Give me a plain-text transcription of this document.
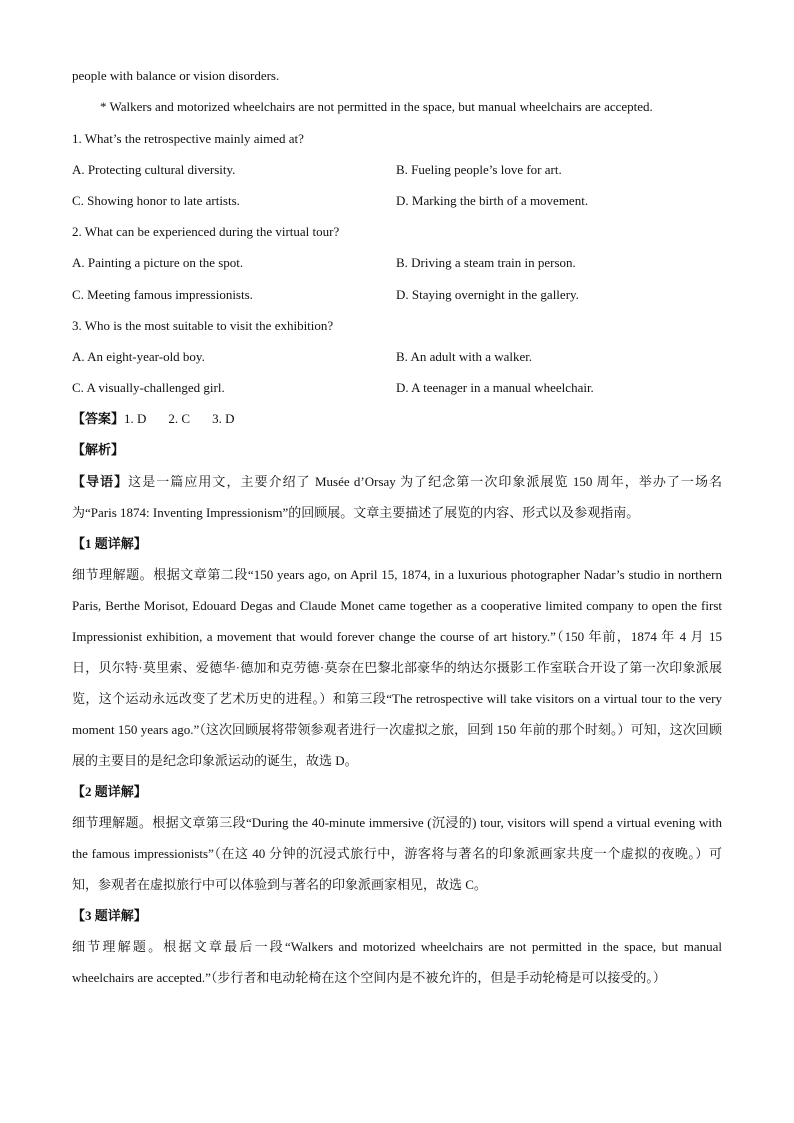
people with balance or vision disorders.
* Walkers and motorized wheelchairs are not permitted in the space, but manual wheelchairs are accepted.
1. What’s the retrospective mainly aimed at?
A. Protecting cultural diversity.	B. Fueling people’s love for art.
C. Showing honor to late artists.	D. Marking the birth of a movement.
2. What can be experienced during the virtual tour?
A. Painting a picture on the spot.	B. Driving a steam train in person.
C. Meeting famous impressionists.	D. Staying overnight in the gallery.
3. Who is the most suitable to visit the exhibition?
A. An eight-year-old boy.	B. An adult with a walker.
C. A visually-challenged girl.	D. A teenager in a manual wheelchair.
【答案】1. D 2. C 3. D
【解析】

【导语】这是一篇应用文，主要介绍了 Musée d’Orsay 为了纪念第一次印象派展览 150 周年，举办了一场名为“Paris 1874: Inventing Impressionism”的回顾展。文章主要描述了展览的内容、形式以及参观指南。

【1 题详解】

细节理解题。根据文章第二段“150 years ago, on April 15, 1874, in a luxurious photographer Nadar’s studio in northern Paris, Berthe Morisot, Edouard Degas and Claude Monet came together as a cooperative limited company to open the first Impressionist exhibition, a movement that would forever change the course of art history.”（150 年前，1874 年 4 月 15 日，贝尔特·莫里索、爱德华·德加和克劳德·莫奈在巴黎北部豪华的纳达尔摄影工作室联合开设了第一次印象派展览，这个运动永远改变了艺术历史的进程。）和第三段“The retrospective will take visitors on a virtual tour to the very moment 150 years ago.”（这次回顾展将带领参观者进行一次虚拟之旅，回到 150 年前的那个时刻。）可知，这次回顾展的主要目的是纪念印象派运动的诞生，故选 D。

【2 题详解】

细节理解题。根据文章第三段“During the 40-minute immersive (沉浸的) tour, visitors will spend a virtual evening with the famous impressionists”（在这 40 分钟的沉浸式旅行中，游客将与著名的印象派画家共度一个虚拟的夜晚。）可知，参观者在虚拟旅行中可以体验到与著名的印象派画家相见，故选 C。

【3 题详解】

细节理解题。根据文章最后一段“Walkers and motorized wheelchairs are not permitted in the space, but manual wheelchairs are accepted.”（步行者和电动轮椅在这个空间内是不被允许的，但是手动轮椅是可以接受的。）
